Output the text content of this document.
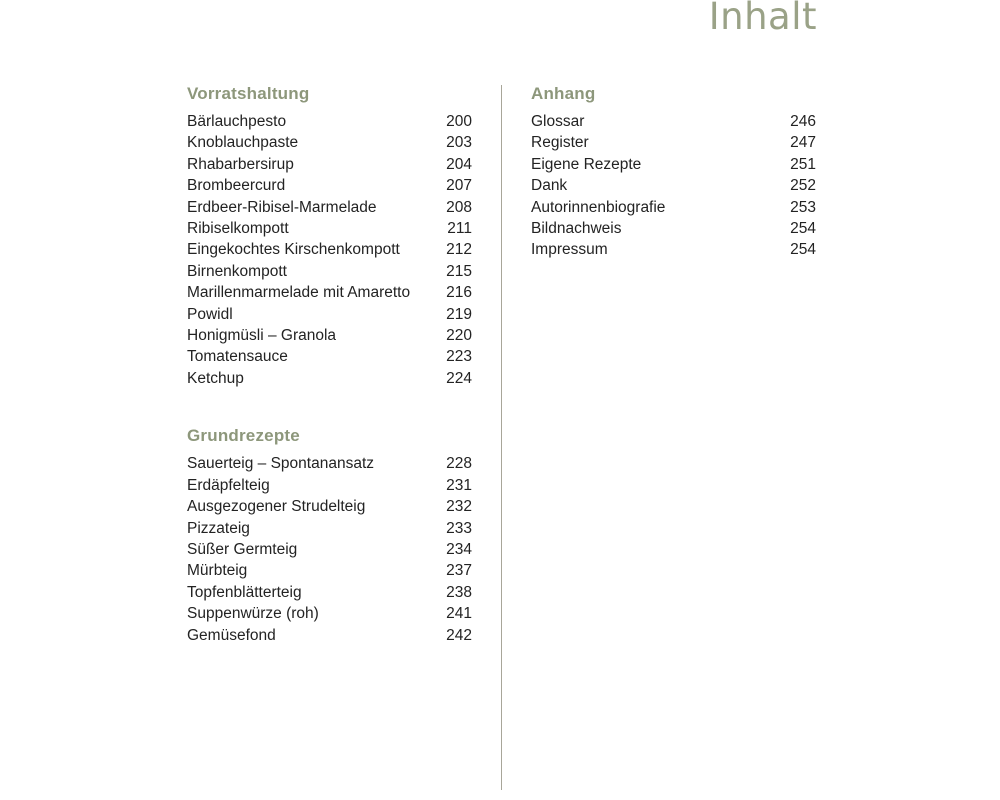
Inhalt
Vorratshaltung
Bärlauchpesto	200
Knoblauchpaste	203
Rhabarbersirup	204
Brombeercurd	207
Erdbeer-Ribisel-Marmelade	208
Ribiselkompott	211
Eingekochtes Kirschenkompott	212
Birnenkompott	215
Marillenmarmelade mit Amaretto	216
Powidl	219
Honigmüsli – Granola	220
Tomatensauce	223
Ketchup	224
Grundrezepte
Sauerteig – Spontanansatz	228
Erdäpfelteig	231
Ausgezogener Strudelteig	232
Pizzateig	233
Süßer Germteig	234
Mürbteig	237
Topfenblätterteig	238
Suppenwürze (roh)	241
Gemüsefond	242
Anhang
Glossar	246
Register	247
Eigene Rezepte	251
Dank	252
Autorinnenbiografie	253
Bildnachweis	254
Impressum	254
